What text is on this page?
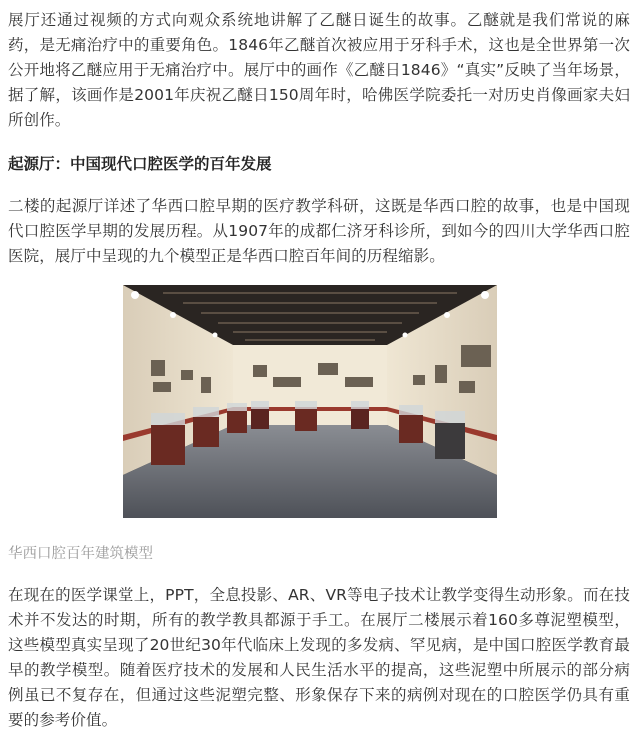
展厅还通过视频的方式向观众系统地讲解了乙醚日诞生的故事。乙醚就是我们常说的麻药，是无痛治疗中的重要角色。1846年乙醚首次被应用于牙科手术，这也是全世界第一次公开地将乙醚应用于无痛治疗中。展厅中的画作《乙醚日1846》“真实”反映了当年场景，据了解，该画作是2001年庆祝乙醚日150周年时，哈佛医学院委托一对历史肖像画家夫妇所创作。

起源厅：中国现代口腔医学的百年发展

二楼的起源厅详述了华西口腔早期的医疗教学科研，这既是华西口腔的故事，也是中国现代口腔医学早期的发展历程。从1907年的成都仁济牙科诊所，到如今的四川大学华西口腔医院，展厅中呈现的九个模型正是华西口腔百年间的历程缩影。

华西口腔百年建筑模型

在现在的医学课堂上，PPT，全息投影、AR、VR等电子技术让教学变得生动形象。而在技术并不发达的时期，所有的教学教具都源于手工。在展厅二楼展示着160多尊泥塑模型，这些模型真实呈现了20世纪30年代临床上发现的多发病、罕见病，是中国口腔医学教育最早的教学模型。随着医疗技术的发展和人民生活水平的提高，这些泥塑中所展示的部分病例虽已不复存在，但通过这些泥塑完整、形象保存下来的病例对现在的口腔医学仍具有重要的参考价值。
